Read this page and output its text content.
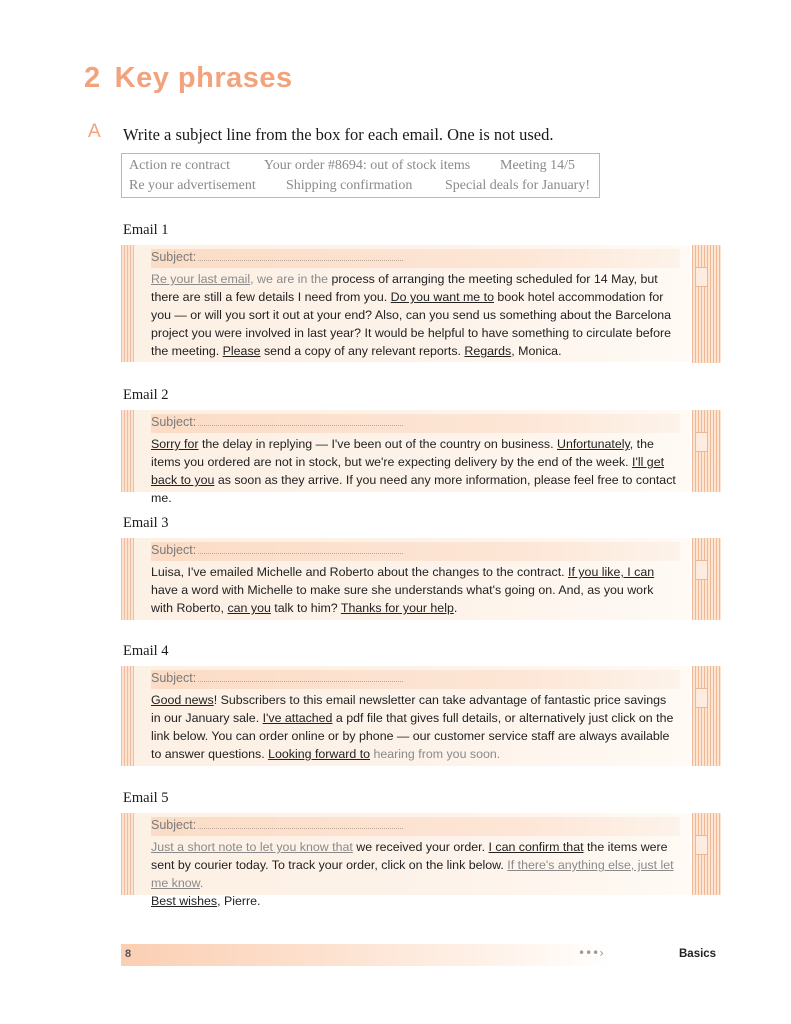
2 Key phrases
A Write a subject line from the box for each email. One is not used.
Action re contract Your order #8694: out of stock items Meeting 14/5
Re your advertisement Shipping confirmation Special deals for January!
Email 1
Subject:
Re your last email, we are in the process of arranging the meeting scheduled for 14 May, but there are still a few details I need from you. Do you want me to book hotel accommodation for you — or will you sort it out at your end? Also, can you send us something about the Barcelona project you were involved in last year? It would be helpful to have something to circulate before the meeting. Please send a copy of any relevant reports. Regards, Monica.
Email 2
Subject:
Sorry for the delay in replying — I've been out of the country on business. Unfortunately, the items you ordered are not in stock, but we're expecting delivery by the end of the week. I'll get back to you as soon as they arrive. If you need any more information, please feel free to contact me.
Email 3
Subject:
Luisa, I've emailed Michelle and Roberto about the changes to the contract. If you like, I can have a word with Michelle to make sure she understands what's going on. And, as you work with Roberto, can you talk to him? Thanks for your help.
Email 4
Subject:
Good news! Subscribers to this email newsletter can take advantage of fantastic price savings in our January sale. I've attached a pdf file that gives full details, or alternatively just click on the link below. You can order online or by phone — our customer service staff are always available to answer questions. Looking forward to hearing from you soon.
Email 5
Subject:
Just a short note to let you know that we received your order. I can confirm that the items were sent by courier today. To track your order, click on the link below. If there's anything else, just let me know.
Best wishes, Pierre.
8	•••›	Basics
